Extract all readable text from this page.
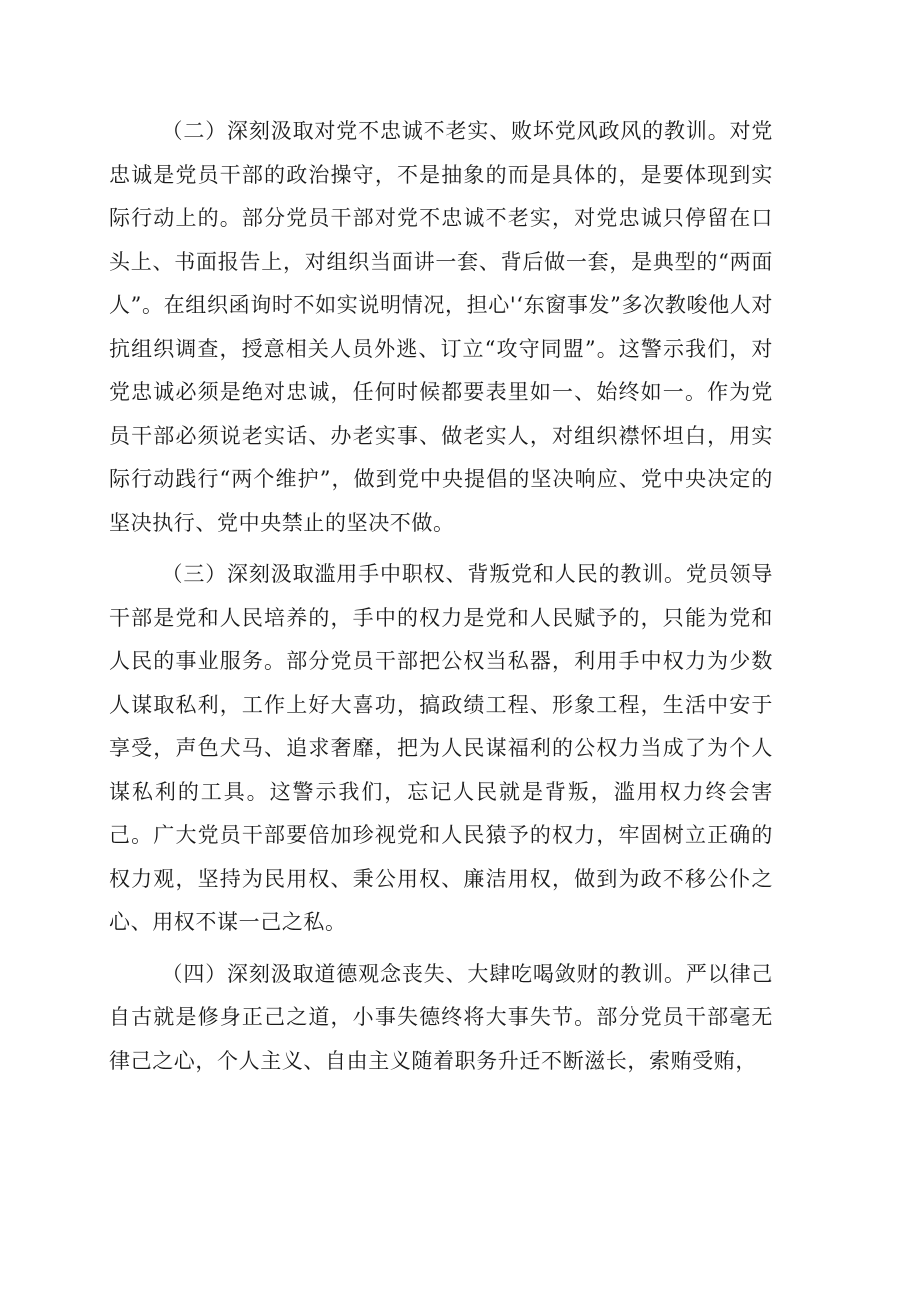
（二）深刻汲取对党不忠诚不老实、败坏党风政风的教训。对党忠诚是党员干部的政治操守，不是抽象的而是具体的，是要体现到实际行动上的。部分党员干部对党不忠诚不老实，对党忠诚只停留在口头上、书面报告上，对组织当面讲一套、背后做一套，是典型的“两面人”。在组织函询时不如实说明情况，担心'‘东窗事发”多次教唆他人对抗组织调查，授意相关人员外逃、订立“攻守同盟”。这警示我们，对党忠诚必须是绝对忠诚，任何时候都要表里如一、始终如一。作为党员干部必须说老实话、办老实事、做老实人，对组织襟怀坦白，用实际行动践行“两个维护”，做到党中央提倡的坚决响应、党中央决定的坚决执行、党中央禁止的坚决不做。

（三）深刻汲取滥用手中职权、背叛党和人民的教训。党员领导干部是党和人民培养的，手中的权力是党和人民赋予的，只能为党和人民的事业服务。部分党员干部把公权当私器，利用手中权力为少数人谋取私利，工作上好大喜功，搞政绩工程、形象工程，生活中安于享受，声色犬马、追求奢靡，把为人民谋福利的公权力当成了为个人谋私利的工具。这警示我们，忘记人民就是背叛，滥用权力终会害己。广大党员干部要倍加珍视党和人民猿予的权力，牢固树立正确的权力观，坚持为民用权、秉公用权、廉洁用权，做到为政不移公仆之心、用权不谋一己之私。

（四）深刻汲取道德观念丧失、大肆吃喝敛财的教训。严以律己自古就是修身正己之道，小事失德终将大事失节。部分党员干部毫无律己之心，个人主义、自由主义随着职务升迁不断滋长，索贿受贿，
